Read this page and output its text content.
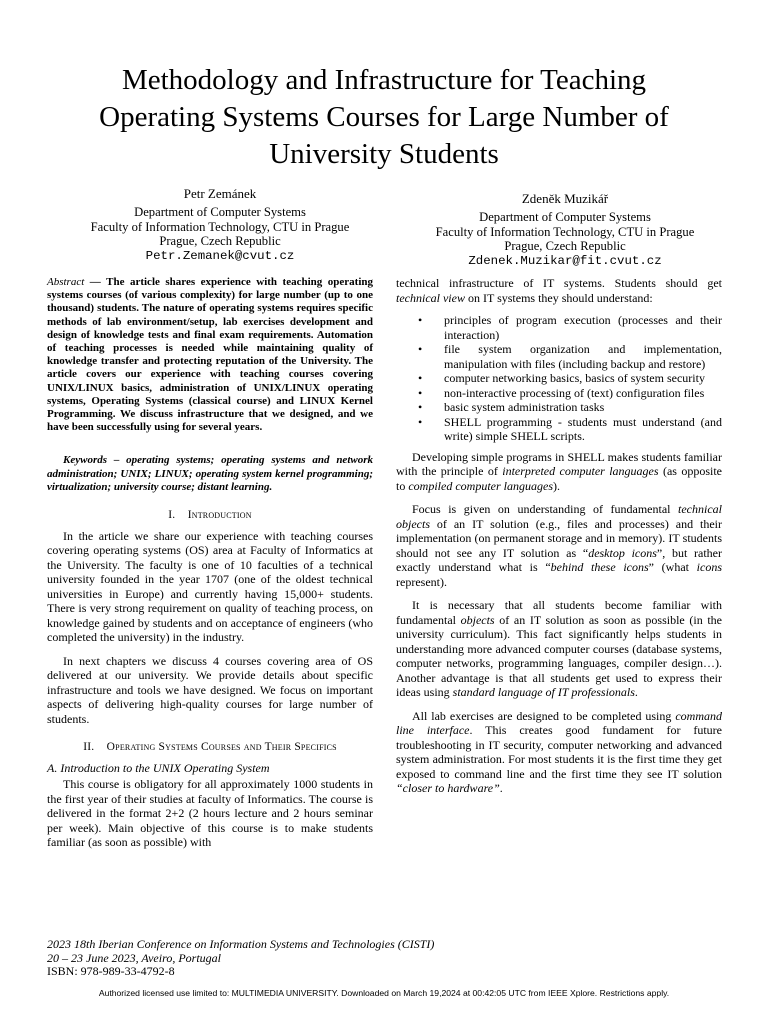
Methodology and Infrastructure for Teaching
Operating Systems Courses for Large Number of
University Students
Petr Zemánek
Department of Computer Systems
Faculty of Information Technology, CTU in Prague
Prague, Czech Republic
Petr.Zemanek@cvut.cz
Zdeněk Muzikář
Department of Computer Systems
Faculty of Information Technology, CTU in Prague
Prague, Czech Republic
Zdenek.Muzikar@fit.cvut.cz

Abstract — The article shares experience with teaching operating systems courses (of various complexity) for large number (up to one thousand) students. The nature of operating systems requires specific methods of lab environment/setup, lab exercises development and design of knowledge tests and final exam requirements. Automation of teaching processes is needed while maintaining quality of knowledge transfer and protecting reputation of the University. The article covers our experience with teaching courses covering UNIX/LINUX basics, administration of UNIX/LINUX operating systems, Operating Systems (classical course) and LINUX Kernel Programming. We discuss infrastructure that we designed, and we have been successfully using for several years.

Keywords – operating systems; operating systems and network administration; UNIX; LINUX; operating system kernel programming; virtualization; university course; distant learning.

I. Introduction

In the article we share our experience with teaching courses covering operating systems (OS) area at Faculty of Informatics at the University. The faculty is one of 10 faculties of a technical university founded in the year 1707 (one of the oldest technical universities in Europe) and currently having 15,000+ students. There is very strong requirement on quality of teaching process, on knowledge gained by students and on acceptance of engineers (who completed the university) in the industry.

In next chapters we discuss 4 courses covering area of OS delivered at our university. We provide details about specific infrastructure and tools we have designed. We focus on important aspects of delivering high-quality courses for large number of students.

II. Operating Systems Courses and Their Specifics

A. Introduction to the UNIX Operating System

This course is obligatory for all approximately 1000 students in the first year of their studies at faculty of Informatics. The course is delivered in the format 2+2 (2 hours lecture and 2 hours seminar per week). Main objective of this course is to make students familiar (as soon as possible) with

technical infrastructure of IT systems. Students should get technical view on IT systems they should understand:

• principles of program execution (processes and their interaction)
• file system organization and implementation, manipulation with files (including backup and restore)
• computer networking basics, basics of system security
• non-interactive processing of (text) configuration files
• basic system administration tasks
• SHELL programming - students must understand (and write) simple SHELL scripts.

Developing simple programs in SHELL makes students familiar with the principle of interpreted computer languages (as opposite to compiled computer languages).

Focus is given on understanding of fundamental technical objects of an IT solution (e.g., files and processes) and their implementation (on permanent storage and in memory). IT students should not see any IT solution as “desktop icons”, but rather exactly understand what is “behind these icons” (what icons represent).

It is necessary that all students become familiar with fundamental objects of an IT solution as soon as possible (in the university curriculum). This fact significantly helps students in understanding more advanced computer courses (database systems, computer networks, programming languages, compiler design…). Another advantage is that all students get used to express their ideas using standard language of IT professionals.

All lab exercises are designed to be completed using command line interface. This creates good fundament for future troubleshooting in IT security, computer networking and advanced system administration. For most students it is the first time they get exposed to command line and the first time they see IT solution “closer to hardware”.

2023 18th Iberian Conference on Information Systems and Technologies (CISTI)
20 – 23 June 2023, Aveiro, Portugal
ISBN: 978-989-33-4792-8
Authorized licensed use limited to: MULTIMEDIA UNIVERSITY. Downloaded on March 19,2024 at 00:42:05 UTC from IEEE Xplore. Restrictions apply.
